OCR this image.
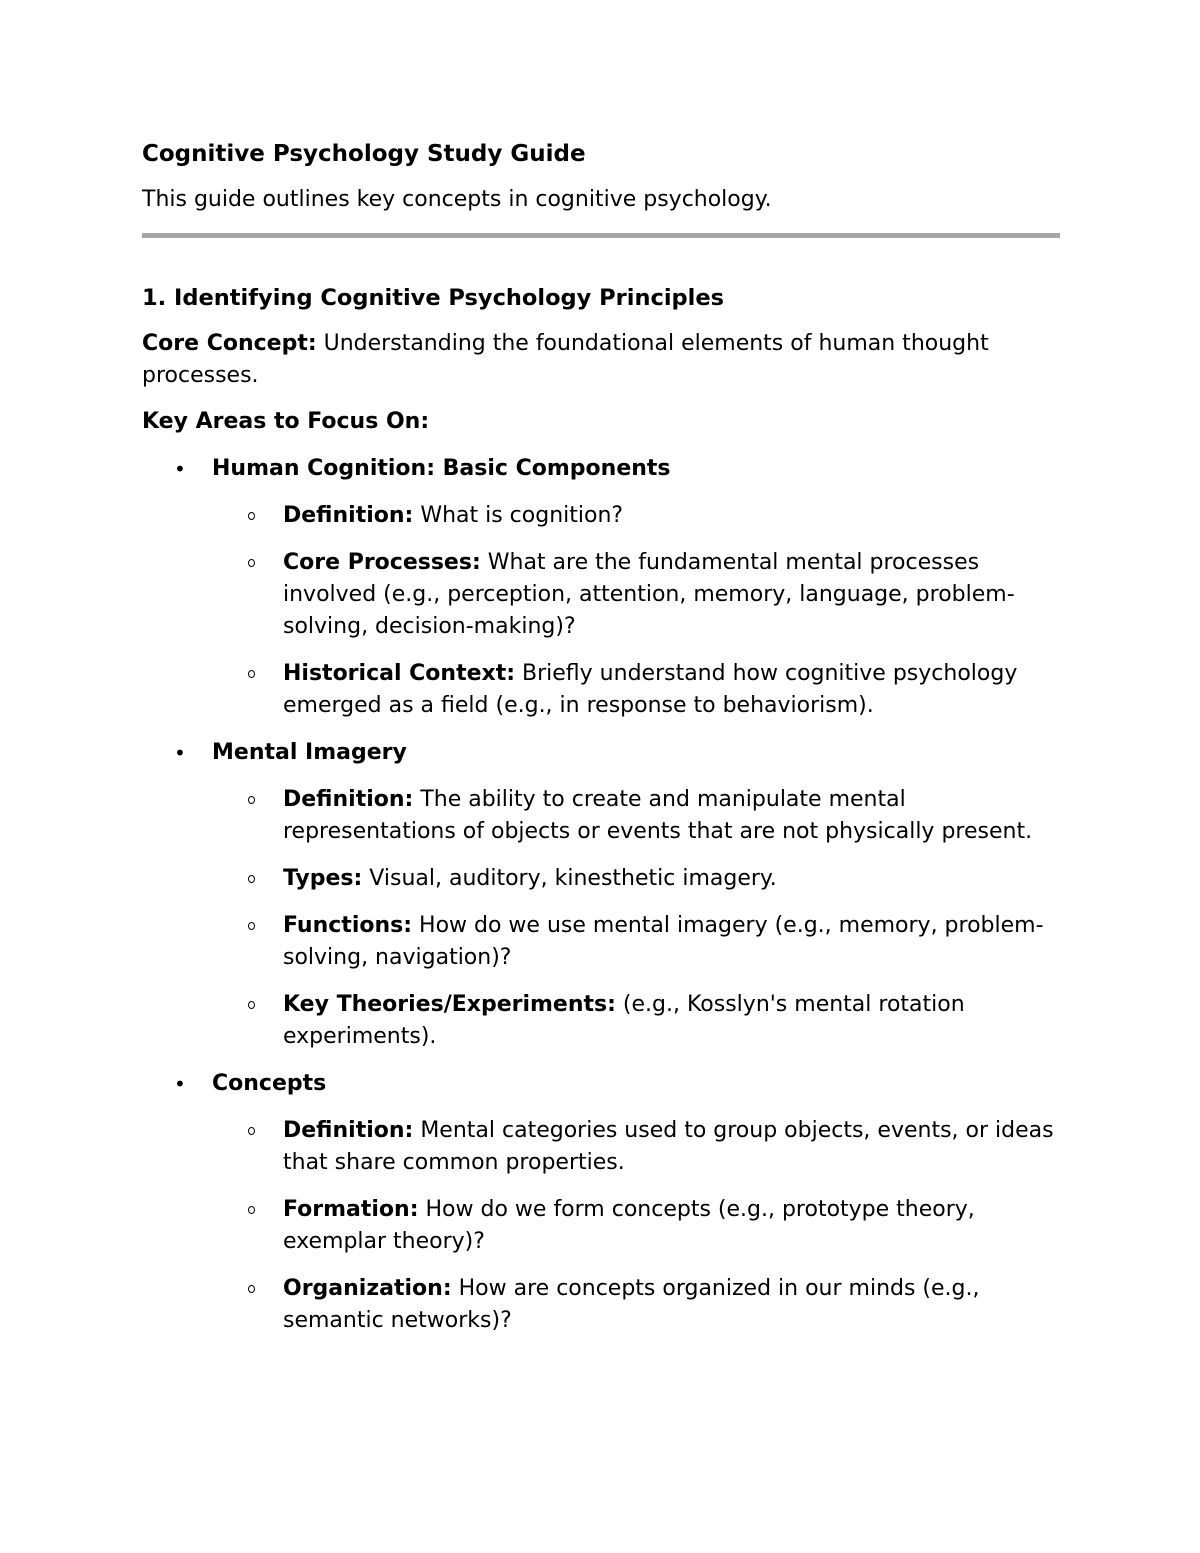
Cognitive Psychology Study Guide

This guide outlines key concepts in cognitive psychology.

1. Identifying Cognitive Psychology Principles

Core Concept: Understanding the foundational elements of human thought processes.

Key Areas to Focus On:

• Human Cognition: Basic Components
Definition: What is cognition?
Core Processes: What are the fundamental mental processes involved (e.g., perception, attention, memory, language, problem-solving, decision-making)?
Historical Context: Briefly understand how cognitive psychology emerged as a field (e.g., in response to behaviorism).
• Mental Imagery
Definition: The ability to create and manipulate mental representations of objects or events that are not physically present.
Types: Visual, auditory, kinesthetic imagery.
Functions: How do we use mental imagery (e.g., memory, problem-solving, navigation)?
Key Theories/Experiments: (e.g., Kosslyn's mental rotation experiments).
• Concepts
Definition: Mental categories used to group objects, events, or ideas that share common properties.
Formation: How do we form concepts (e.g., prototype theory, exemplar theory)?
Organization: How are concepts organized in our minds (e.g., semantic networks)?
